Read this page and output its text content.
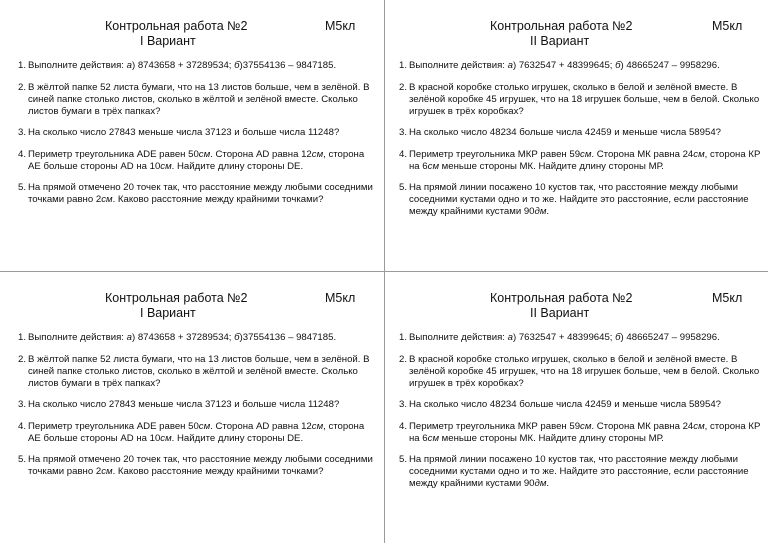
Контрольная работа №2
I Вариант
М5кл
1. Выполните действия: а) 8743658 + 37289534; б)37554136 – 9847185.
2. В жёлтой папке 52 листа бумаги, что на 13 листов больше, чем в зелёной. В синей папке столько листов, сколько в жёлтой и зелёной вместе. Сколько листов бумаги в трёх папках?
3. На сколько число 27843 меньше числа 37123 и больше числа 11248?
4. Периметр треугольника ADE равен 50см. Сторона AD равна 12см, сторона AE больше стороны AD на 10см. Найдите длину стороны DE.
5. На прямой отмечено 20 точек так, что расстояние между любыми соседними точками равно 2см. Каково расстояние между крайними точками?
Контрольная работа №2
II Вариант
М5кл
1. Выполните действия: а) 7632547 + 48399645; б) 48665247 – 9958296.
2. В красной коробке столько игрушек, сколько в белой и зелёной вместе. В зелёной коробке 45 игрушек, что на 18 игрушек больше, чем в белой. Сколько игрушек в трёх коробках?
3. На сколько число 48234 больше числа 42459 и меньше числа 58954?
4. Периметр треугольника МКР равен 59см. Сторона МК равна 24см, сторона КР на 6см меньше стороны МК. Найдите длину стороны МР.
5. На прямой линии посажено 10 кустов так, что расстояние между любыми соседними кустами одно и то же. Найдите это расстояние, если расстояние между крайними кустами 90дм.
Контрольная работа №2
I Вариант
М5кл
1. Выполните действия: а) 8743658 + 37289534; б)37554136 – 9847185.
2. В жёлтой папке 52 листа бумаги, что на 13 листов больше, чем в зелёной. В синей папке столько листов, сколько в жёлтой и зелёной вместе. Сколько листов бумаги в трёх папках?
3. На сколько число 27843 меньше числа 37123 и больше числа 11248?
4. Периметр треугольника ADE равен 50см. Сторона AD равна 12см, сторона AE больше стороны AD на 10см. Найдите длину стороны DE.
5. На прямой отмечено 20 точек так, что расстояние между любыми соседними точками равно 2см. Каково расстояние между крайними точками?
Контрольная работа №2
II Вариант
М5кл
1. Выполните действия: а) 7632547 + 48399645; б) 48665247 – 9958296.
2. В красной коробке столько игрушек, сколько в белой и зелёной вместе. В зелёной коробке 45 игрушек, что на 18 игрушек больше, чем в белой. Сколько игрушек в трёх коробках?
3. На сколько число 48234 больше числа 42459 и меньше числа 58954?
4. Периметр треугольника МКР равен 59см. Сторона МК равна 24см, сторона КР на 6см меньше стороны МК. Найдите длину стороны МР.
5. На прямой линии посажено 10 кустов так, что расстояние между любыми соседними кустами одно и то же. Найдите это расстояние, если расстояние между крайними кустами 90дм.
